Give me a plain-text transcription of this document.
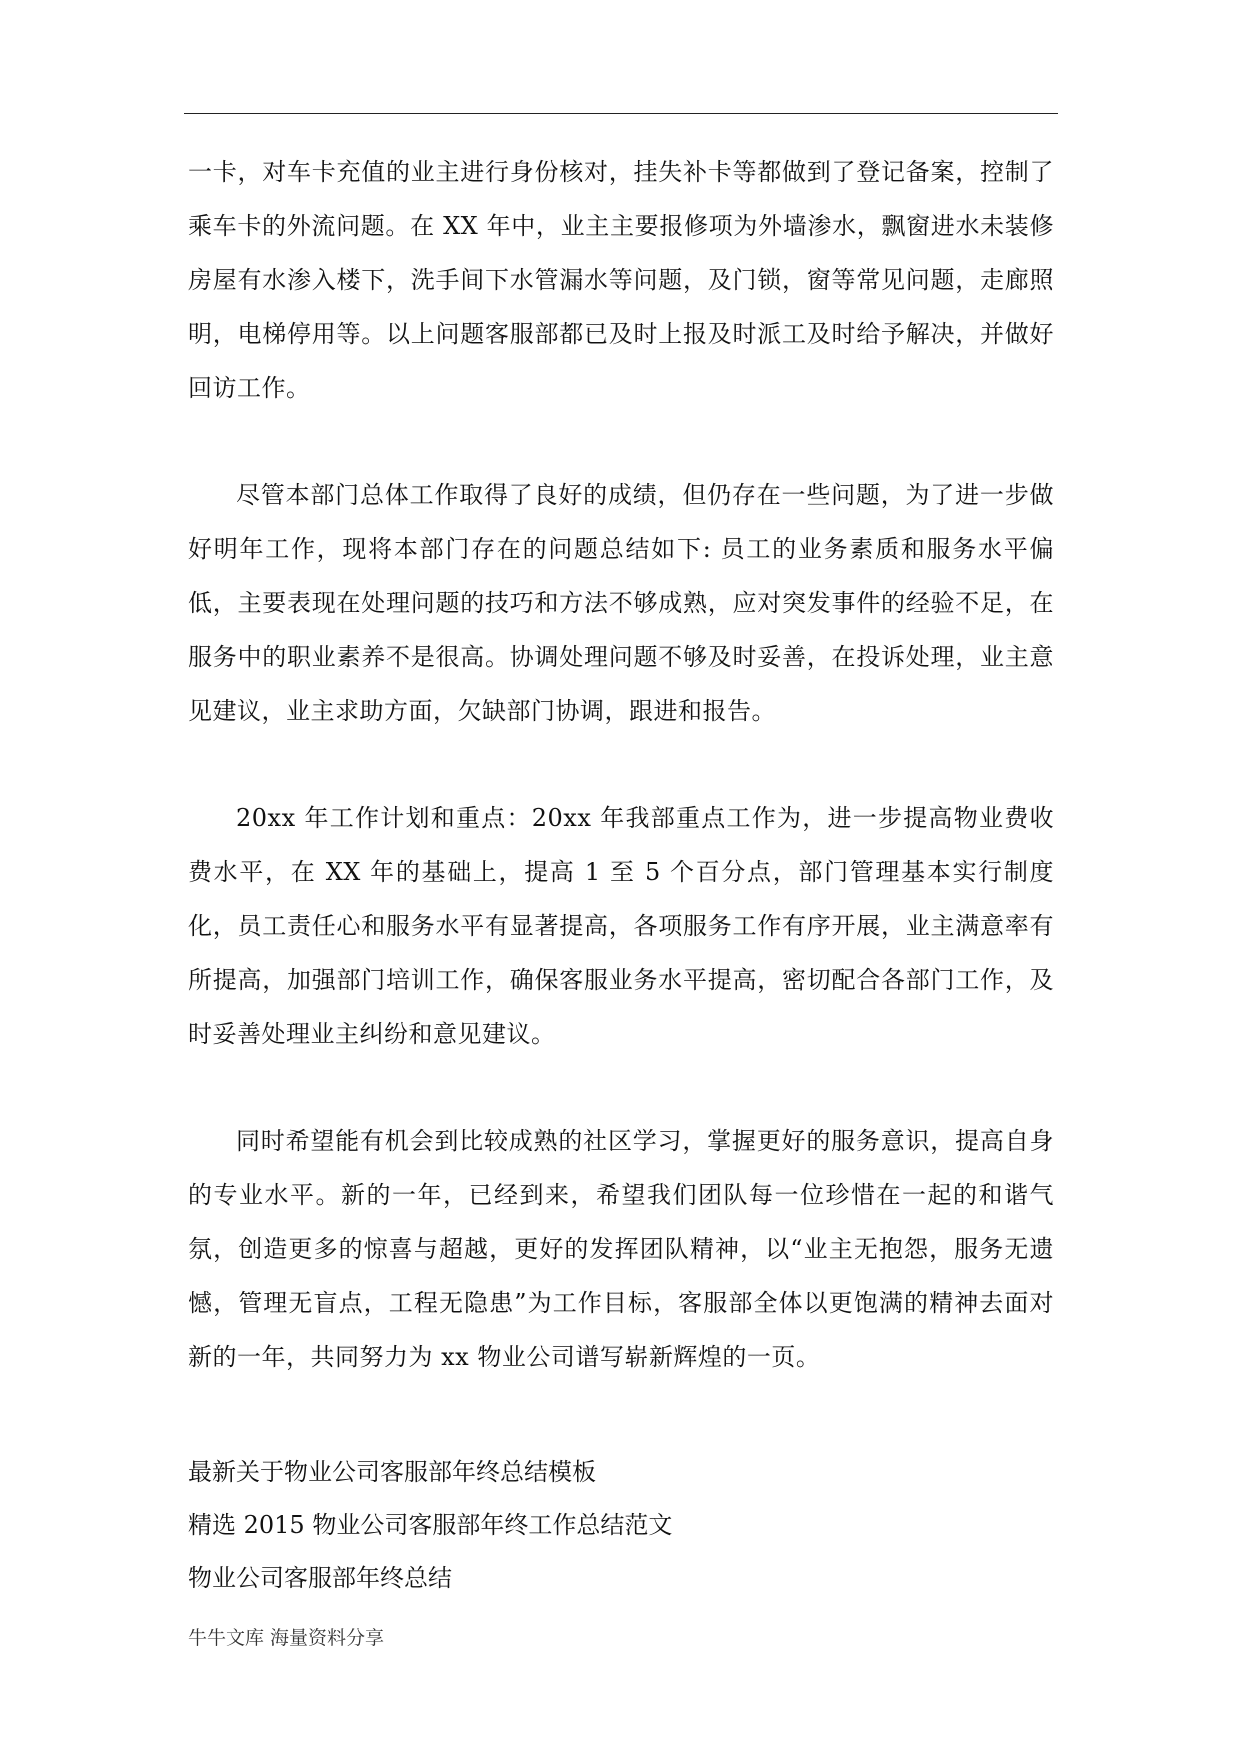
一卡，对车卡充值的业主进行身份核对，挂失补卡等都做到了登记备案，控制了乘车卡的外流问题。在 XX 年中，业主主要报修项为外墙渗水，飘窗进水未装修房屋有水渗入楼下，洗手间下水管漏水等问题，及门锁，窗等常见问题，走廊照明，电梯停用等。以上问题客服部都已及时上报及时派工及时给予解决，并做好回访工作。

尽管本部门总体工作取得了良好的成绩，但仍存在一些问题，为了进一步做好明年工作，现将本部门存在的问题总结如下: 员工的业务素质和服务水平偏低，主要表现在处理问题的技巧和方法不够成熟，应对突发事件的经验不足，在服务中的职业素养不是很高。协调处理问题不够及时妥善，在投诉处理，业主意见建议，业主求助方面，欠缺部门协调，跟进和报告。

20xx 年工作计划和重点：20xx 年我部重点工作为，进一步提高物业费收费水平，在 XX 年的基础上，提高 1 至 5 个百分点，部门管理基本实行制度化，员工责任心和服务水平有显著提高，各项服务工作有序开展，业主满意率有所提高，加强部门培训工作，确保客服业务水平提高，密切配合各部门工作，及时妥善处理业主纠纷和意见建议。

同时希望能有机会到比较成熟的社区学习，掌握更好的服务意识，提高自身的专业水平。新的一年，已经到来，希望我们团队每一位珍惜在一起的和谐气氛，创造更多的惊喜与超越，更好的发挥团队精神，以“业主无抱怨，服务无遗憾，管理无盲点，工程无隐患”为工作目标，客服部全体以更饱满的精神去面对新的一年，共同努力为 xx 物业公司谱写崭新辉煌的一页。

最新关于物业公司客服部年终总结模板
精选 2015 物业公司客服部年终工作总结范文
物业公司客服部年终总结
牛牛文库 海量资料分享
